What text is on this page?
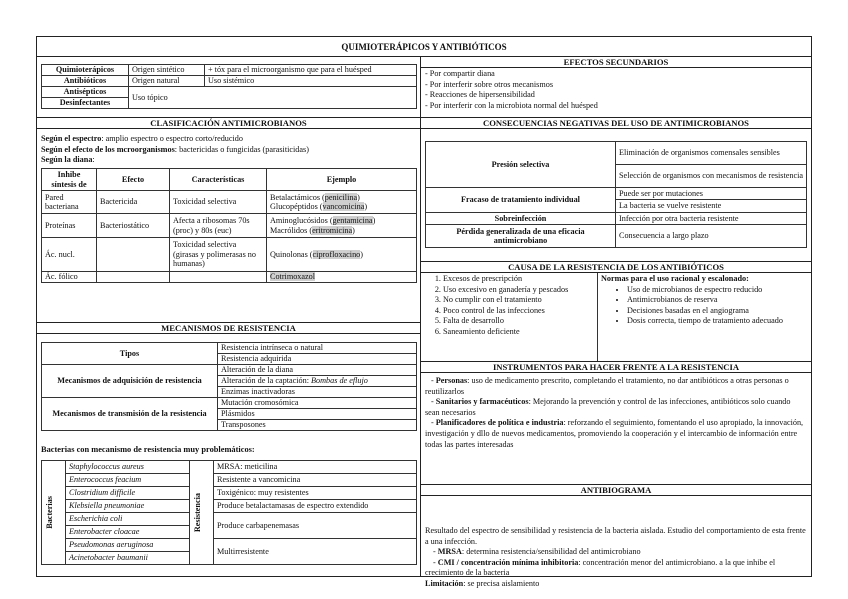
QUIMIOTERÁPICOS Y ANTIBIÓTICOS
Quimioterápicos	Origen sintético	+ tóx para el microorganismo que para el huésped
Antibióticos	Origen natural	Uso sistémico
Antisépticos	Uso tópico	
Desinfectantes		
CLASIFICACIÓN ANTIMICROBIANOS

Según el espectro: amplio espectro o espectro corto/reducido

Según el efecto de los mcroorganismos: bactericidas o fungicidas (parasiticidas)

Según la diana:

Inhibe síntesis de	Efecto	Características	Ejemplo
Pared bacteriana	Bactericida	Toxicidad selectiva	Betalactámicos (penicilina)
Glucopéptidos (vancomicina)

Proteínas	Bacteriostático	Afecta a ribosomas 70s (proc) y 80s (euc)	Aminoglucósidos (gentamicina)
Macrólidos (eritromicina)

Ác. nucl.		Toxicidad selectiva (girasas y polimerasas no humanas)	Quinolonas (ciprofloxacino)
Ác. fólico			Cotrimoxazol
MECANISMOS DE RESISTENCIA
Tipos	Resistencia intrínseca o natural
	Resistencia adquirida
Mecanismos de adquisición de resistencia	Alteración de la diana
	Alteración de la captación: Bombas de eflujo
	Enzimas inactivadoras
Mecanismos de transmisión de la resistencia	Mutación cromosómica
	Plásmidos
	Transposones
Bacterias con mecanismo de resistencia muy problemáticos:
Bacterias	Staphylococcus aureus	Resistencia	MRSA: meticilina
	Enterococcus feacium		Resistente a vancomicina
	Clostridium difficile		Toxigénico: muy resistentes
	Klebsiella pneumoniae		Produce betalactamasas de espectro extendido
	Escherichia coli		Produce carbapenemasas
	Enterobacter cloacae		
	Pseudomonas aeruginosa		Multirresistente
	Acinetobacter baumanii		
EFECTOS SECUNDARIOS

- Por compartir diana

- Por interferir sobre otros mecanismos

- Reacciones de hipersensibilidad

- Por interferir con la microbiota normal del huésped

CONSECUENCIAS NEGATIVAS DEL USO DE ANTIMICROBIANOS
Presión selectiva	Eliminación de organismos comensales sensibles
	Selección de organismos con mecanismos de resistencia
Fracaso de tratamiento individual	Puede ser por mutaciones
	La bacteria se vuelve resistente
Sobreinfección	Infección por otra bacteria resistente
Pérdida generalizada de una eficacia antimicrobiano	Consecuencia a largo plazo
CAUSA DE LA RESISTENCIA DE LOS ANTIBIÓTICOS
1. Excesos de prescripción
2. Uso excesivo en ganadería y pescados
3. No cumplir con el tratamiento
4. Poco control de las infecciones
5. Falta de desarrollo
6. Saneamiento deficiente

Normas para el uso racional y escalonado:

• Uso de microbianos de espectro reducido
• Antimicrobianos de reserva
• Decisiones basadas en el angiograma
• Dosis correcta, tiempo de tratamiento adecuado
INSTRUMENTOS PARA HACER FRENTE A LA RESISTENCIA

- Personas: uso de medicamento prescrito, completando el tratamiento, no dar antibióticos a otras personas o reutilizarlos

- Sanitarios y farmacéuticos: Mejorando la prevención y control de las infecciones, antibióticos solo cuando sean necesarios

- Planificadores de política e industria: reforzando el seguimiento, fomentando el uso apropiado, la innovación, investigación y dllo de nuevos medicamentos, promoviendo la cooperación y el intercambio de información entre todas las partes interesadas

ANTIBIOGRAMA

Resultado del espectro de sensibilidad y resistencia de la bacteria aislada. Estudio del comportamiento de esta frente a una infección.

- MRSA: determina resistencia/sensibilidad del antimicrobiano

- CMI / concentración mínima inhibitoria: concentración menor del antimicrobiano. a la que inhibe el crecimiento de la bacteria

Limitación: se precisa aislamiento
